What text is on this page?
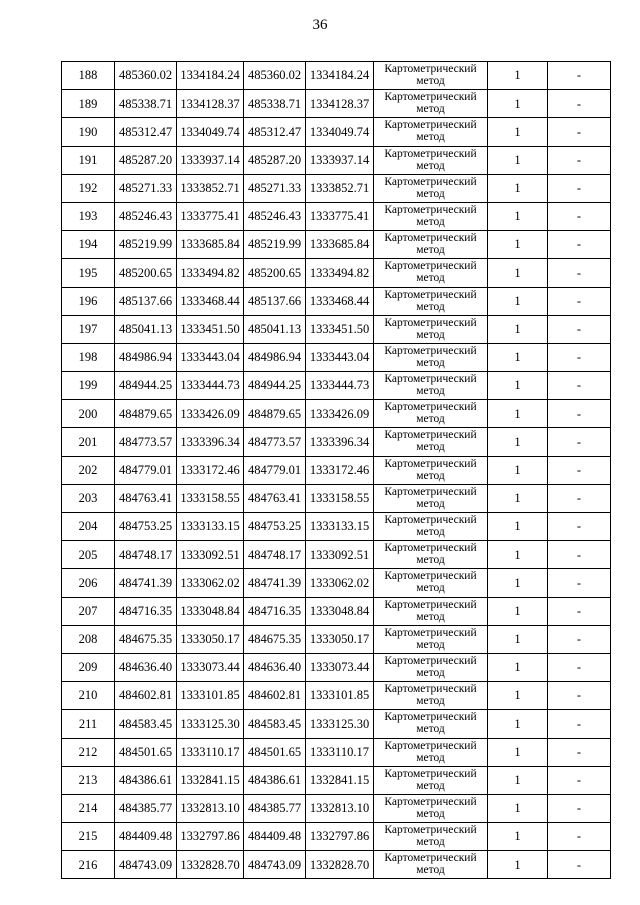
36
188	485360.02	1334184.24	485360.02	1334184.24	Картометрический метод	1	-
189	485338.71	1334128.37	485338.71	1334128.37	Картометрический метод	1	-
190	485312.47	1334049.74	485312.47	1334049.74	Картометрический метод	1	-
191	485287.20	1333937.14	485287.20	1333937.14	Картометрический метод	1	-
192	485271.33	1333852.71	485271.33	1333852.71	Картометрический метод	1	-
193	485246.43	1333775.41	485246.43	1333775.41	Картометрический метод	1	-
194	485219.99	1333685.84	485219.99	1333685.84	Картометрический метод	1	-
195	485200.65	1333494.82	485200.65	1333494.82	Картометрический метод	1	-
196	485137.66	1333468.44	485137.66	1333468.44	Картометрический метод	1	-
197	485041.13	1333451.50	485041.13	1333451.50	Картометрический метод	1	-
198	484986.94	1333443.04	484986.94	1333443.04	Картометрический метод	1	-
199	484944.25	1333444.73	484944.25	1333444.73	Картометрический метод	1	-
200	484879.65	1333426.09	484879.65	1333426.09	Картометрический метод	1	-
201	484773.57	1333396.34	484773.57	1333396.34	Картометрический метод	1	-
202	484779.01	1333172.46	484779.01	1333172.46	Картометрический метод	1	-
203	484763.41	1333158.55	484763.41	1333158.55	Картометрический метод	1	-
204	484753.25	1333133.15	484753.25	1333133.15	Картометрический метод	1	-
205	484748.17	1333092.51	484748.17	1333092.51	Картометрический метод	1	-
206	484741.39	1333062.02	484741.39	1333062.02	Картометрический метод	1	-
207	484716.35	1333048.84	484716.35	1333048.84	Картометрический метод	1	-
208	484675.35	1333050.17	484675.35	1333050.17	Картометрический метод	1	-
209	484636.40	1333073.44	484636.40	1333073.44	Картометрический метод	1	-
210	484602.81	1333101.85	484602.81	1333101.85	Картометрический метод	1	-
211	484583.45	1333125.30	484583.45	1333125.30	Картометрический метод	1	-
212	484501.65	1333110.17	484501.65	1333110.17	Картометрический метод	1	-
213	484386.61	1332841.15	484386.61	1332841.15	Картометрический метод	1	-
214	484385.77	1332813.10	484385.77	1332813.10	Картометрический метод	1	-
215	484409.48	1332797.86	484409.48	1332797.86	Картометрический метод	1	-
216	484743.09	1332828.70	484743.09	1332828.70	Картометрический метод	1	-
